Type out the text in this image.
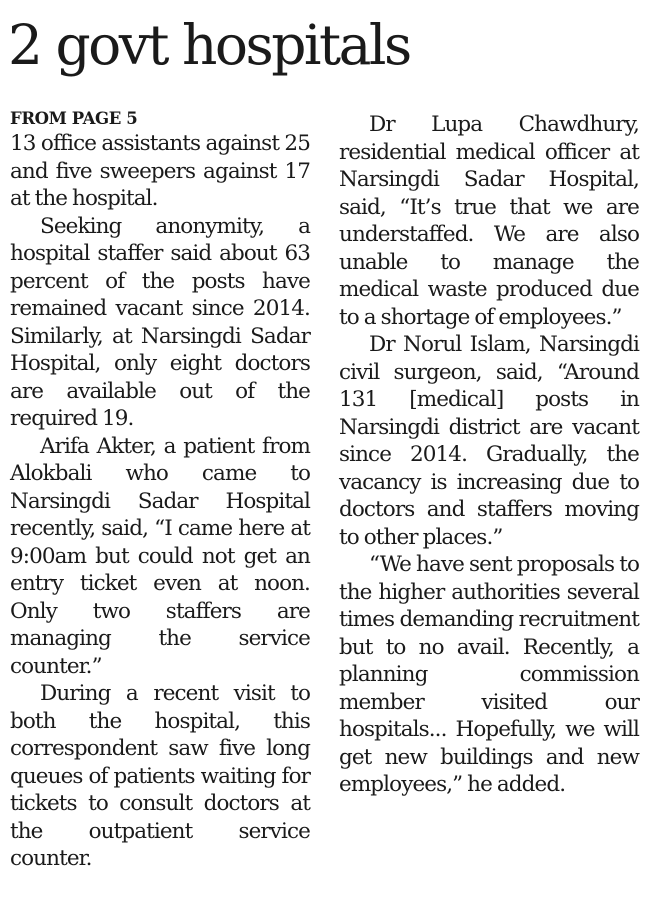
2 govt hospitals

FROM PAGE 5

13 office assistants against 25 and five sweepers against 17 at the hospital.

Seeking anonymity, a hospital staffer said about 63 percent of the posts have remained vacant since 2014. Similarly, at Narsingdi Sadar Hospital, only eight doctors are available out of the required 19.

Arifa Akter, a patient from Alokbali who came to Narsingdi Sadar Hospital recently, said, “I came here at 9:00am but could not get an entry ticket even at noon. Only two staffers are managing the service counter.”

During a recent visit to both the hospital, this correspondent saw five long queues of patients waiting for tickets to consult doctors at the outpatient service counter.

Dr Lupa Chawdhury, residential medical officer at Narsingdi Sadar Hospital, said, “It’s true that we are understaffed. We are also unable to manage the medical waste produced due to a shortage of employees.”

Dr Norul Islam, Narsingdi civil surgeon, said, “Around 131 [medical] posts in Narsingdi district are vacant since 2014. Gradually, the vacancy is increasing due to doctors and staffers moving to other places.”

“We have sent proposals to the higher authorities several times demanding recruitment but to no avail. Recently, a planning commission member visited our hospitals... Hopefully, we will get new buildings and new employees,” he added.
